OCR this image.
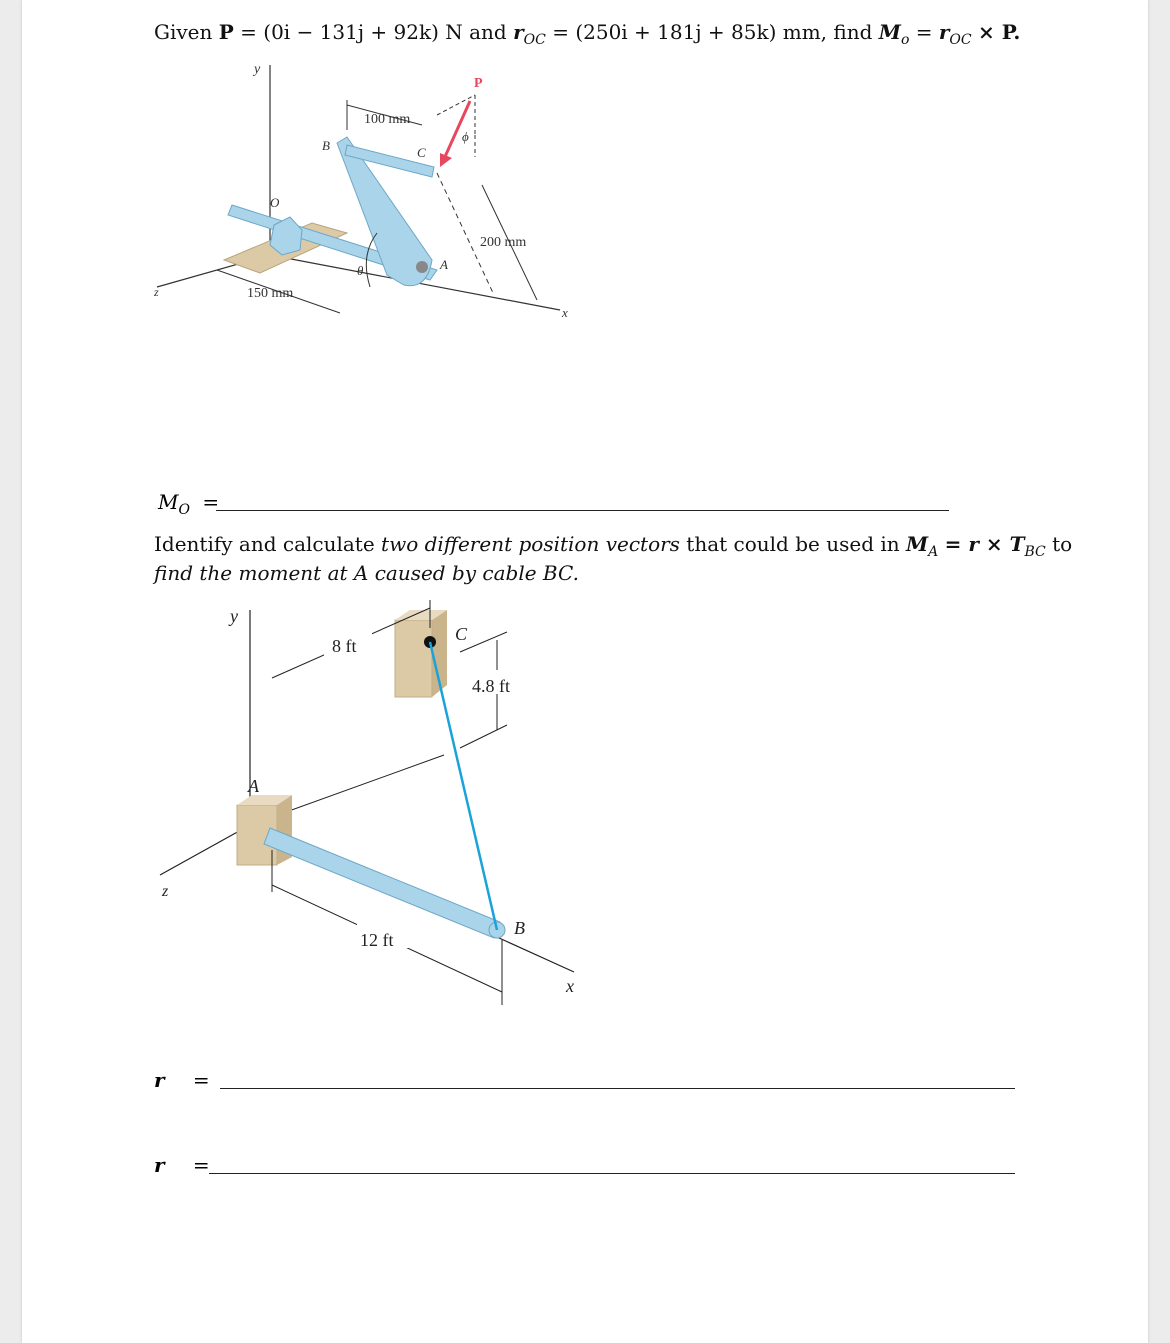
Given P = (0i − 131j + 92k) N and $r_{OC} = (250i + 181j + 85k)$ mm, find $M_o = r_{OC} \times P$.
y
z
x
O
B	C
A
θ
P
ϕ
100 mm
200 mm
150 mm
$M_O$ =
Identify and calculate two different position vectors that could be used in $M_A = r \times T_{BC}$ to
find the moment at A caused by cable BC.
y
z
x
C
A
B
8 ft
4.8 ft
12 ft
r =
r =
